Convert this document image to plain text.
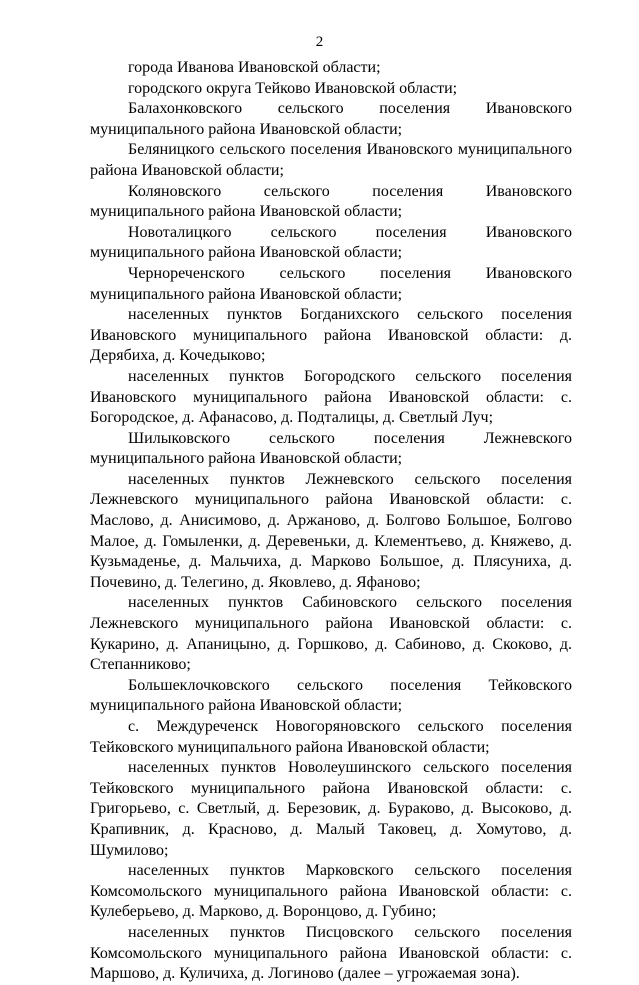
2

города Иванова Ивановской области;

городского округа Тейково Ивановской области;

Балахонковского сельского поселения Ивановского муниципального района Ивановской области;

Беляницкого сельского поселения Ивановского муниципального района Ивановской области;

Коляновского сельского поселения Ивановского муниципального района Ивановской области;

Новоталицкого сельского поселения Ивановского муниципального района Ивановской области;

Чернореченского сельского поселения Ивановского муниципального района Ивановской области;

населенных пунктов Богданихского сельского поселения Ивановского муниципального района Ивановской области: д. Дерябиха, д. Кочедыково;

населенных пунктов Богородского сельского поселения Ивановского муниципального района Ивановской области: с. Богородское, д. Афанасово, д. Подталицы, д. Светлый Луч;

Шилыковского сельского поселения Лежневского муниципального района Ивановской области;

населенных пунктов Лежневского сельского поселения Лежневского муниципального района Ивановской области: с. Маслово, д. Анисимово, д. Аржаново, д. Болгово Большое, Болгово Малое, д. Гомыленки, д. Деревеньки, д. Клементьево, д. Княжево, д. Кузьмаденье, д. Мальчиха, д. Марково Большое, д. Плясуниха, д. Почевино, д. Телегино, д. Яковлево, д. Яфаново;

населенных пунктов Сабиновского сельского поселения Лежневского муниципального района Ивановской области: с. Кукарино, д. Апаницыно, д. Горшково, д. Сабиново, д. Скоково, д. Степанниково;

Большеклочковского сельского поселения Тейковского муниципального района Ивановской области;

с. Междуреченск Новогоряновского сельского поселения Тейковского муниципального района Ивановской области;

населенных пунктов Новолеушинского сельского поселения Тейковского муниципального района Ивановской области: с. Григорьево, с. Светлый, д. Березовик, д. Бураково, д. Высоково, д. Крапивник, д. Красново, д. Малый Таковец, д. Хомутово, д. Шумилово;

населенных пунктов Марковского сельского поселения Комсомольского муниципального района Ивановской области: с. Кулеберьево, д. Марково, д. Воронцово, д. Губино;

населенных пунктов Писцовского сельского поселения Комсомольского муниципального района Ивановской области: с. Маршово, д. Куличиха, д. Логиново (далее – угрожаемая зона).
